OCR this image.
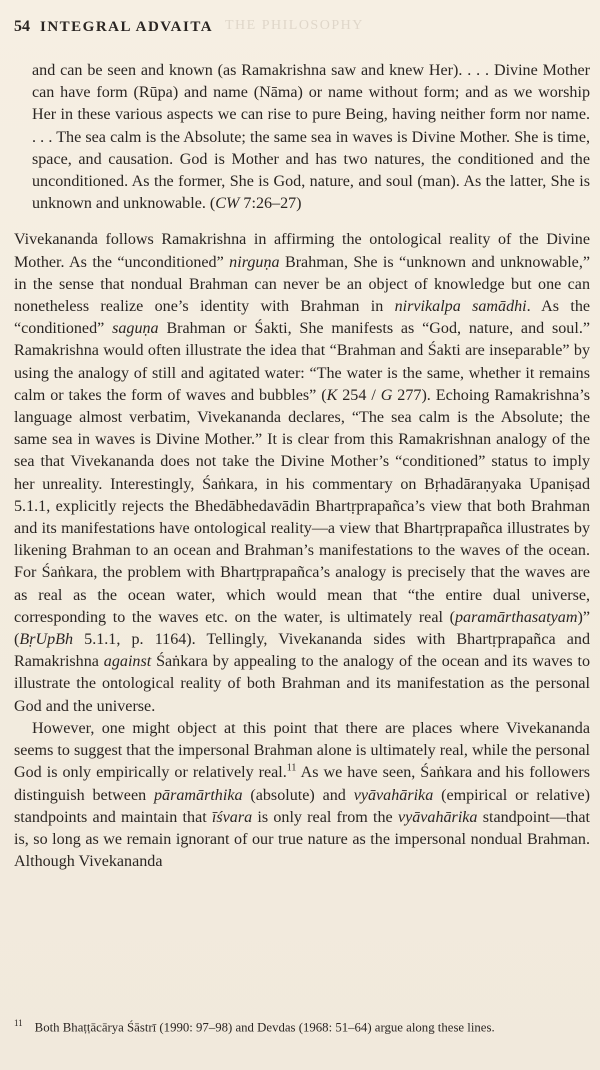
54 INTEGRAL ADVAITA THE PHILOSOPHY

and can be seen and known (as Ramakrishna saw and knew Her). . . . Divine Mother can have form (Rūpa) and name (Nāma) or name without form; and as we worship Her in these various aspects we can rise to pure Being, having neither form nor name. . . . The sea calm is the Absolute; the same sea in waves is Divine Mother. She is time, space, and causation. God is Mother and has two natures, the conditioned and the unconditioned. As the former, She is God, nature, and soul (man). As the latter, She is unknown and unknowable. (CW 7:26–27)

Vivekananda follows Ramakrishna in affirming the ontological reality of the Divine Mother. As the “unconditioned” nirguṇa Brahman, She is “unknown and unknowable,” in the sense that nondual Brahman can never be an object of knowledge but one can nonetheless realize one’s identity with Brahman in nirvikalpa samādhi. As the “conditioned” saguṇa Brahman or Śakti, She manifests as “God, nature, and soul.” Ramakrishna would often illustrate the idea that “Brahman and Śakti are inseparable” by using the analogy of still and agitated water: “The water is the same, whether it remains calm or takes the form of waves and bubbles” (K 254 / G 277). Echoing Ramakrishna’s language almost verbatim, Vivekananda declares, “The sea calm is the Absolute; the same sea in waves is Divine Mother.” It is clear from this Ramakrishnan analogy of the sea that Vivekananda does not take the Divine Mother’s “conditioned” status to imply her unreality. Interestingly, Śaṅkara, in his commentary on Bṛhadāraṇyaka Upaniṣad 5.1.1, explicitly rejects the Bhedābhedavādin Bhartṛprapañca’s view that both Brahman and its manifestations have ontological reality—a view that Bhartṛprapañca illustrates by likening Brahman to an ocean and Brahman’s manifestations to the waves of the ocean. For Śaṅkara, the problem with Bhartṛprapañca’s analogy is precisely that the waves are as real as the ocean water, which would mean that “the entire dual universe, corresponding to the waves etc. on the water, is ultimately real (paramārthasatyam)” (BṛUpBh 5.1.1, p. 1164). Tellingly, Vivekananda sides with Bhartṛprapañca and Ramakrishna against Śaṅkara by appealing to the analogy of the ocean and its waves to illustrate the ontological reality of both Brahman and its manifestation as the personal God and the universe.

However, one might object at this point that there are places where Vivekananda seems to suggest that the impersonal Brahman alone is ultimately real, while the personal God is only empirically or relatively real.$^{11}$ As we have seen, Śaṅkara and his followers distinguish between pāramārthika (absolute) and vyāvahārika (empirical or relative) standpoints and maintain that īśvara is only real from the vyāvahārika standpoint—that is, so long as we remain ignorant of our true nature as the impersonal nondual Brahman. Although Vivekananda

$^{11}$ Both Bhaṭṭācārya Śāstrī (1990: 97–98) and Devdas (1968: 51–64) argue along these lines.
